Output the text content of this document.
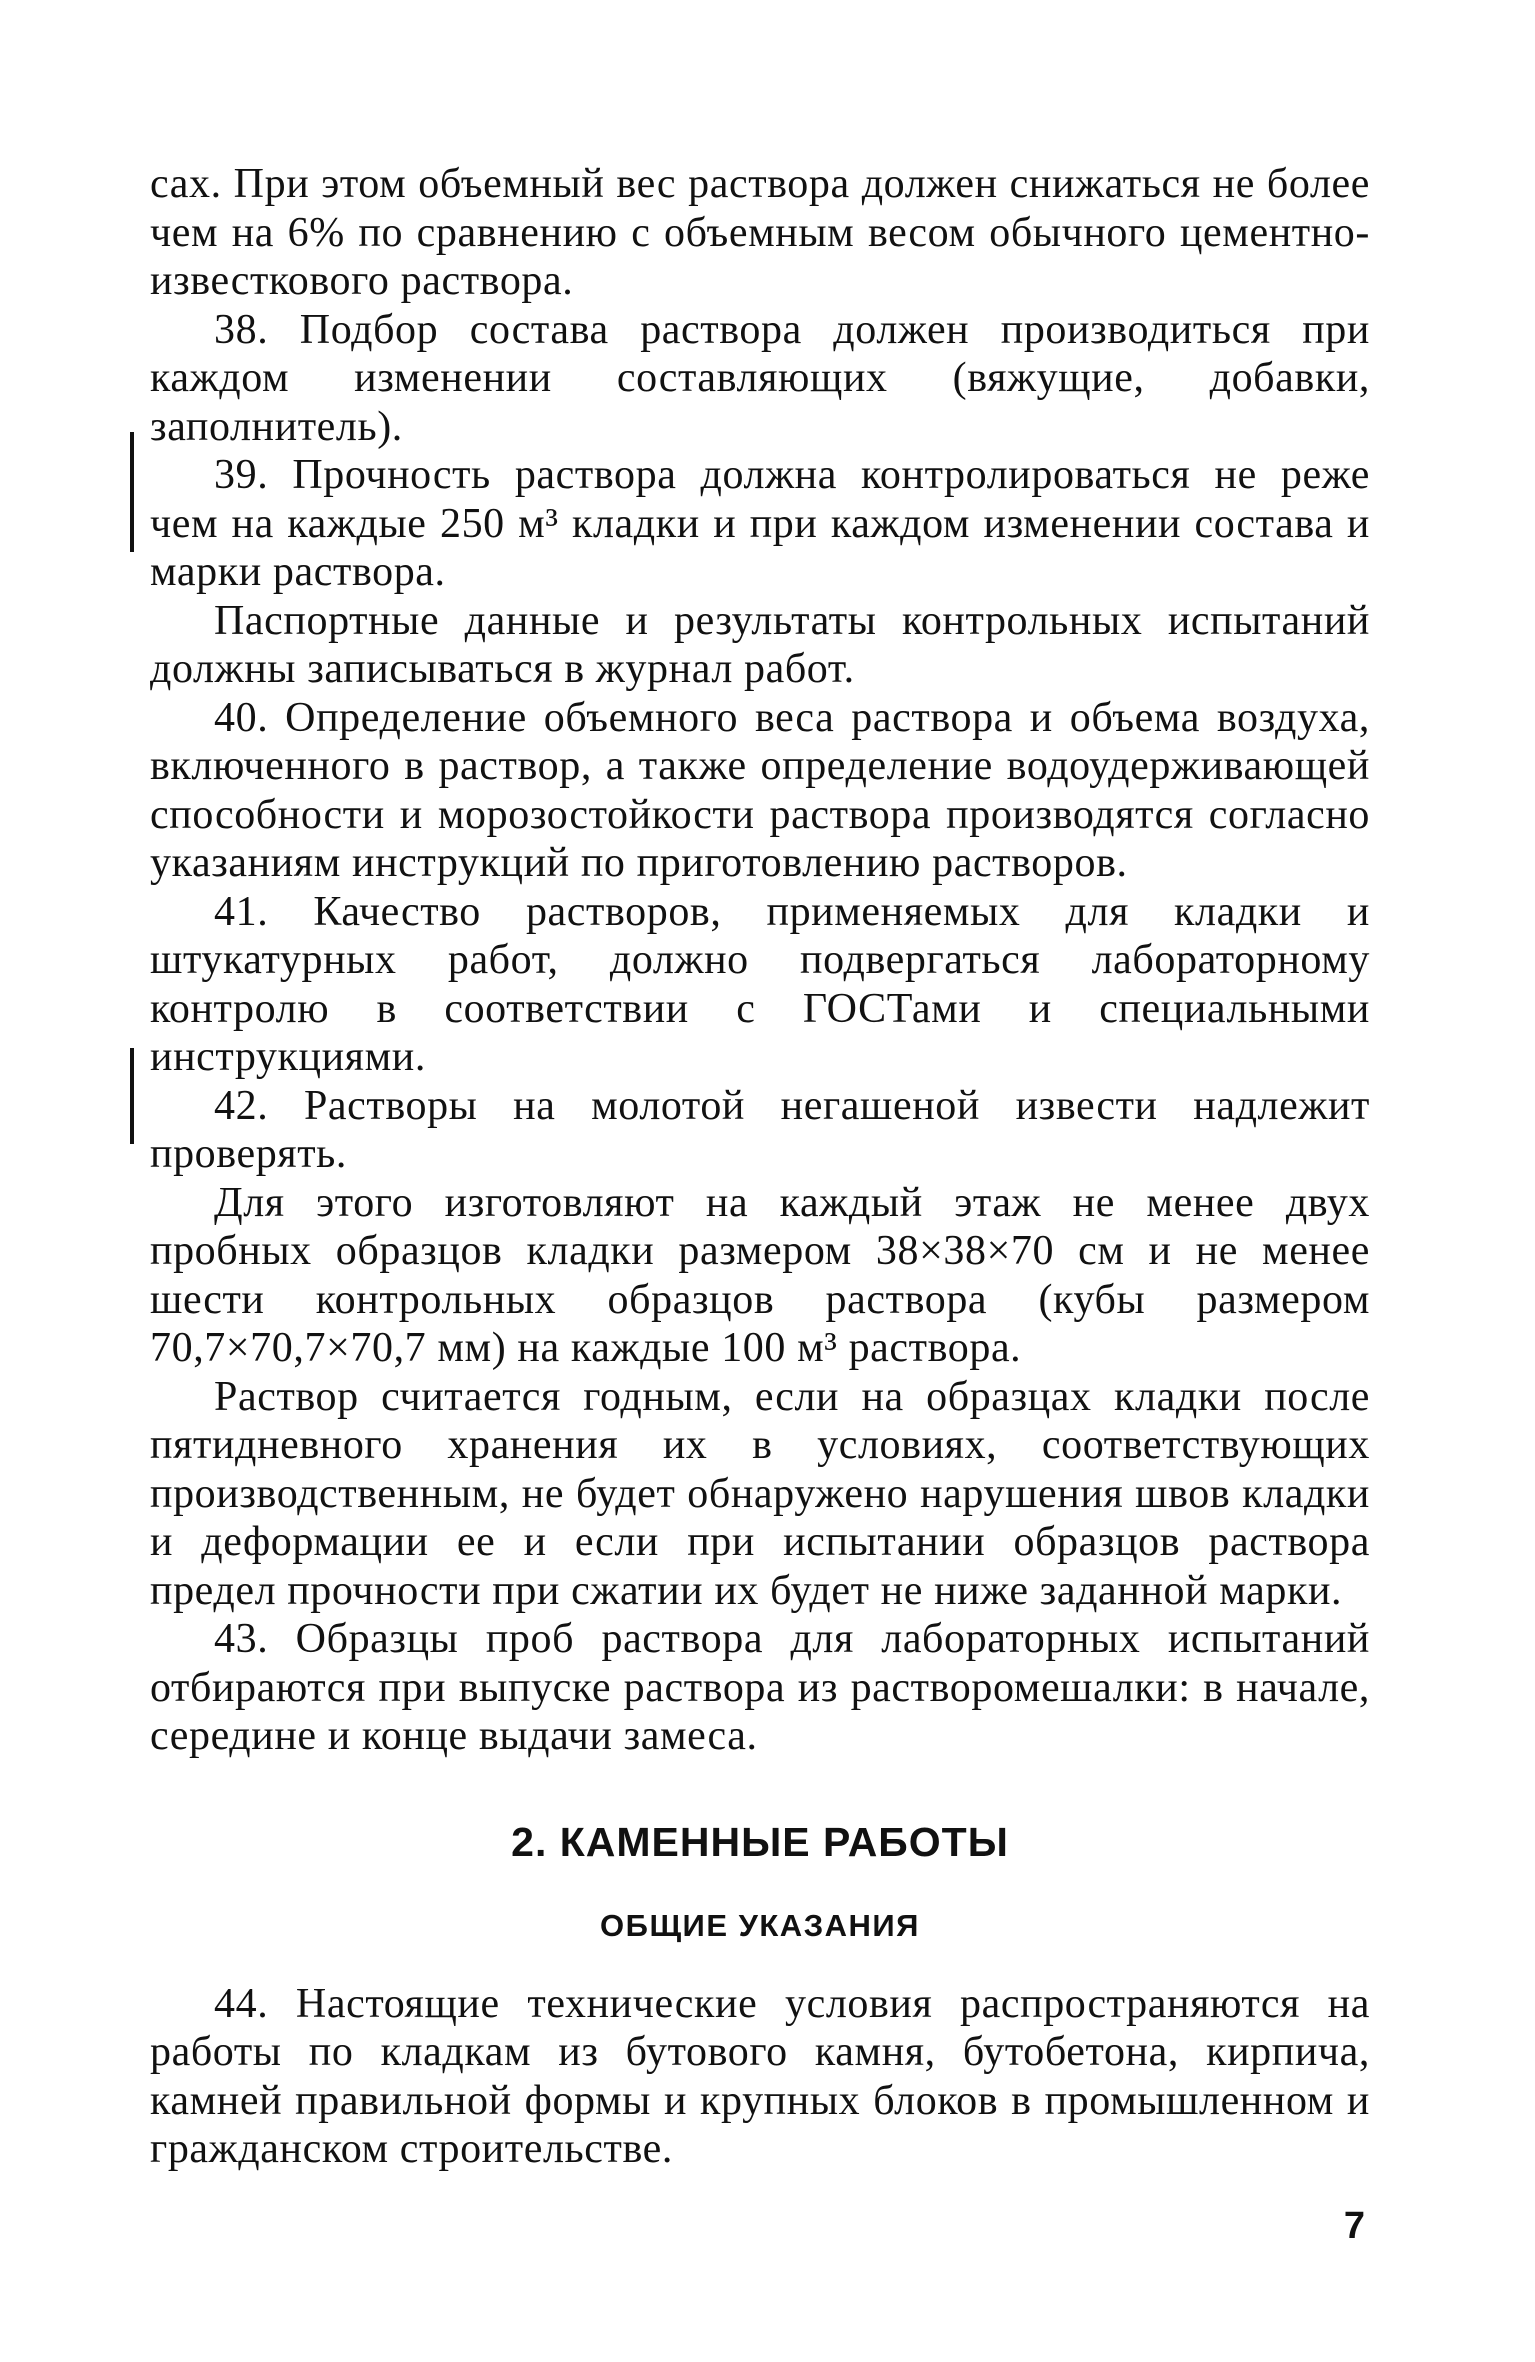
сах. При этом объемный вес раствора должен снижаться не более чем на 6% по сравнению с объемным весом обычного цементно-известкового раствора.

38. Подбор состава раствора должен производиться при каждом изменении составляющих (вяжущие, добавки, заполнитель).

39. Прочность раствора должна контролироваться не реже чем на каждые 250 м³ кладки и при каждом изменении состава и марки раствора.

Паспортные данные и результаты контрольных испытаний должны записываться в журнал работ.

40. Определение объемного веса раствора и объема воздуха, включенного в раствор, а также определение водоудерживающей способности и морозостойкости раствора производятся согласно указаниям инструкций по приготовлению растворов.

41. Качество растворов, применяемых для кладки и штукатурных работ, должно подвергаться лабораторному контролю в соответствии с ГОСТами и специальными инструкциями.

42. Растворы на молотой негашеной извести надлежит проверять.

Для этого изготовляют на каждый этаж не менее двух пробных образцов кладки размером 38×38×70 см и не менее шести контрольных образцов раствора (кубы размером 70,7×70,7×70,7 мм) на каждые 100 м³ раствора.

Раствор считается годным, если на образцах кладки после пятидневного хранения их в условиях, соответствующих производственным, не будет обнаружено нарушения швов кладки и деформации ее и если при испытании образцов раствора предел прочности при сжатии их будет не ниже заданной марки.

43. Образцы проб раствора для лабораторных испытаний отбираются при выпуске раствора из растворомешалки: в начале, середине и конце выдачи замеса.

2. КАМЕННЫЕ РАБОТЫ
ОБЩИЕ УКАЗАНИЯ

44. Настоящие технические условия распространяются на работы по кладкам из бутового камня, бутобетона, кирпича, камней правильной формы и крупных блоков в промышленном и гражданском строительстве.

7
